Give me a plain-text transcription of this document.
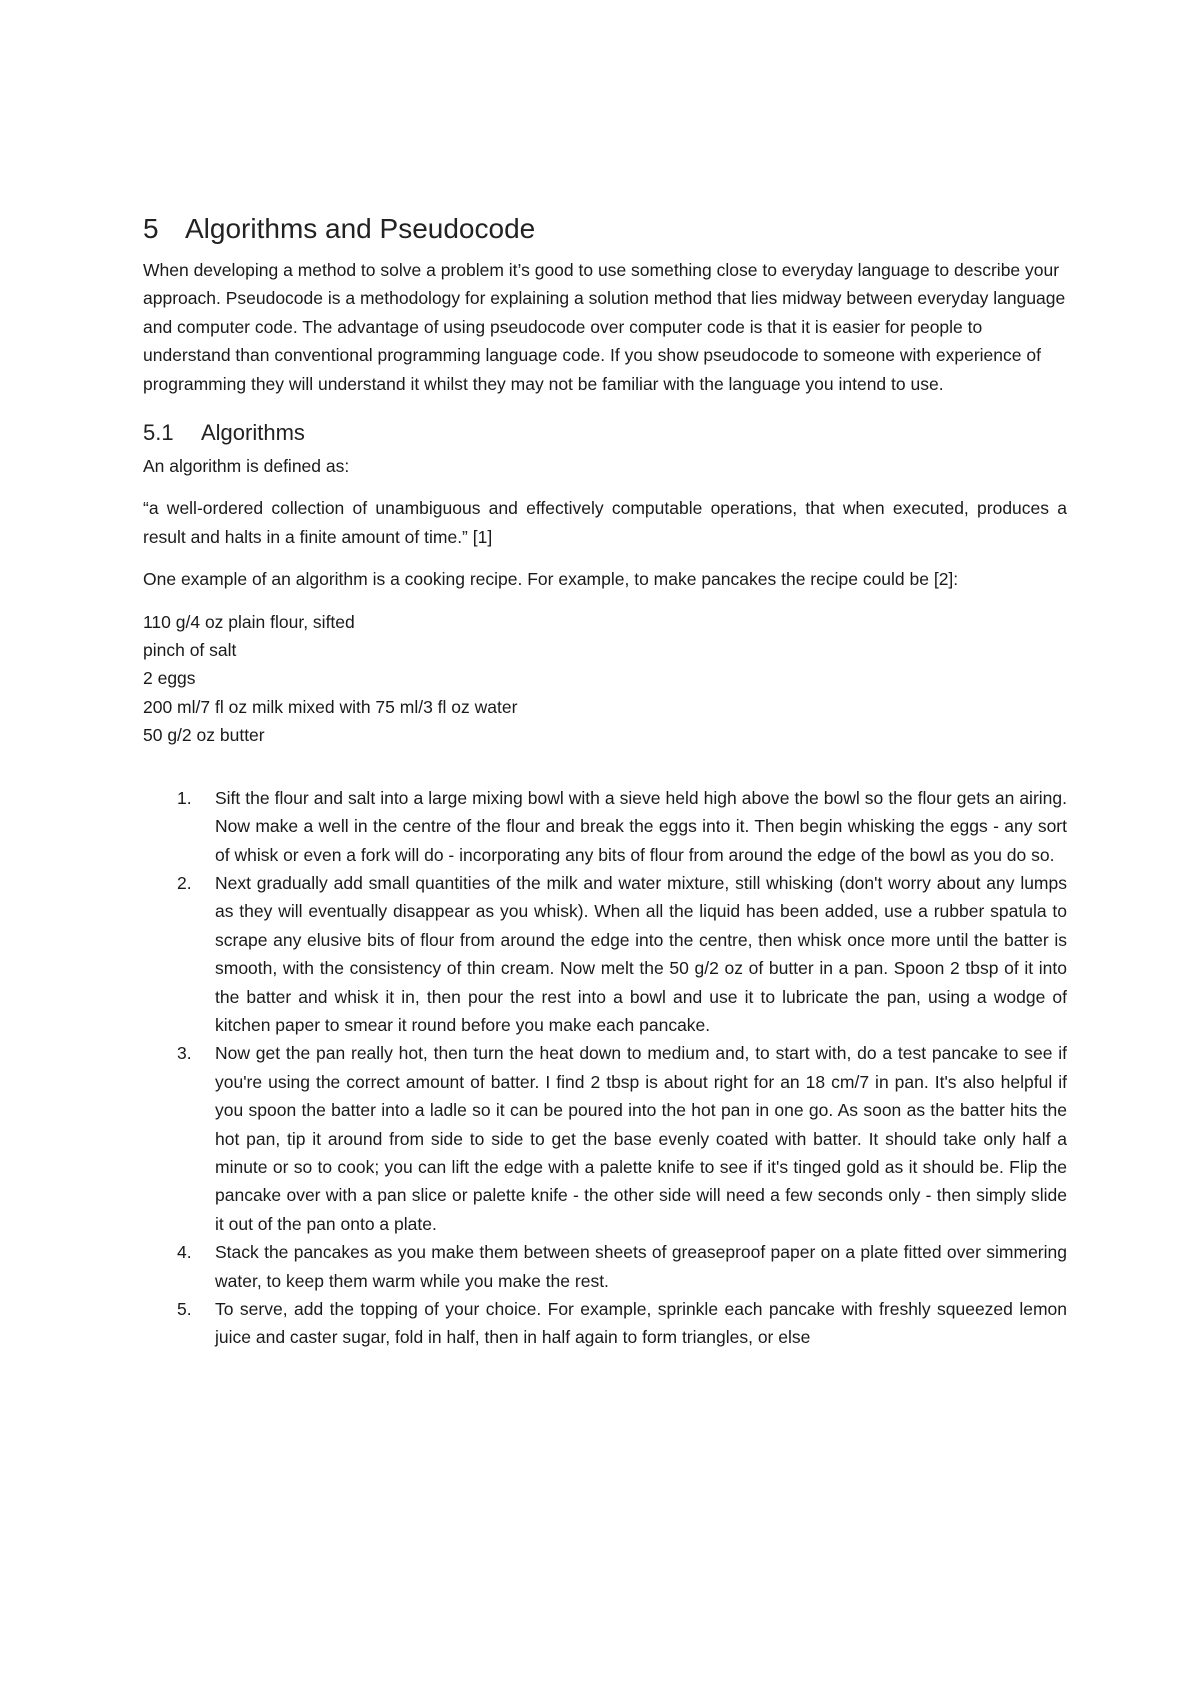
5 Algorithms and Pseudocode

When developing a method to solve a problem it’s good to use something close to everyday language to describe your approach. Pseudocode is a methodology for explaining a solution method that lies midway between everyday language and computer code. The advantage of using pseudocode over computer code is that it is easier for people to understand than conventional programming language code. If you show pseudocode to someone with experience of programming they will understand it whilst they may not be familiar with the language you intend to use.

5.1 Algorithms

An algorithm is defined as:

“a well-ordered collection of unambiguous and effectively computable operations, that when executed, produces a result and halts in a finite amount of time.” [1]

One example of an algorithm is a cooking recipe. For example, to make pancakes the recipe could be [2]:

110 g/4 oz plain flour, sifted
pinch of salt
2 eggs
200 ml/7 fl oz milk mixed with 75 ml/3 fl oz water
50 g/2 oz butter
1. Sift the flour and salt into a large mixing bowl with a sieve held high above the bowl so the flour gets an airing. Now make a well in the centre of the flour and break the eggs into it. Then begin whisking the eggs - any sort of whisk or even a fork will do - incorporating any bits of flour from around the edge of the bowl as you do so.
2. Next gradually add small quantities of the milk and water mixture, still whisking (don't worry about any lumps as they will eventually disappear as you whisk). When all the liquid has been added, use a rubber spatula to scrape any elusive bits of flour from around the edge into the centre, then whisk once more until the batter is smooth, with the consistency of thin cream. Now melt the 50 g/2 oz of butter in a pan. Spoon 2 tbsp of it into the batter and whisk it in, then pour the rest into a bowl and use it to lubricate the pan, using a wodge of kitchen paper to smear it round before you make each pancake.
3. Now get the pan really hot, then turn the heat down to medium and, to start with, do a test pancake to see if you're using the correct amount of batter. I find 2 tbsp is about right for an 18 cm/7 in pan. It's also helpful if you spoon the batter into a ladle so it can be poured into the hot pan in one go. As soon as the batter hits the hot pan, tip it around from side to side to get the base evenly coated with batter. It should take only half a minute or so to cook; you can lift the edge with a palette knife to see if it's tinged gold as it should be. Flip the pancake over with a pan slice or palette knife - the other side will need a few seconds only - then simply slide it out of the pan onto a plate.
4. Stack the pancakes as you make them between sheets of greaseproof paper on a plate fitted over simmering water, to keep them warm while you make the rest.
5. To serve, add the topping of your choice. For example, sprinkle each pancake with freshly squeezed lemon juice and caster sugar, fold in half, then in half again to form triangles, or else
